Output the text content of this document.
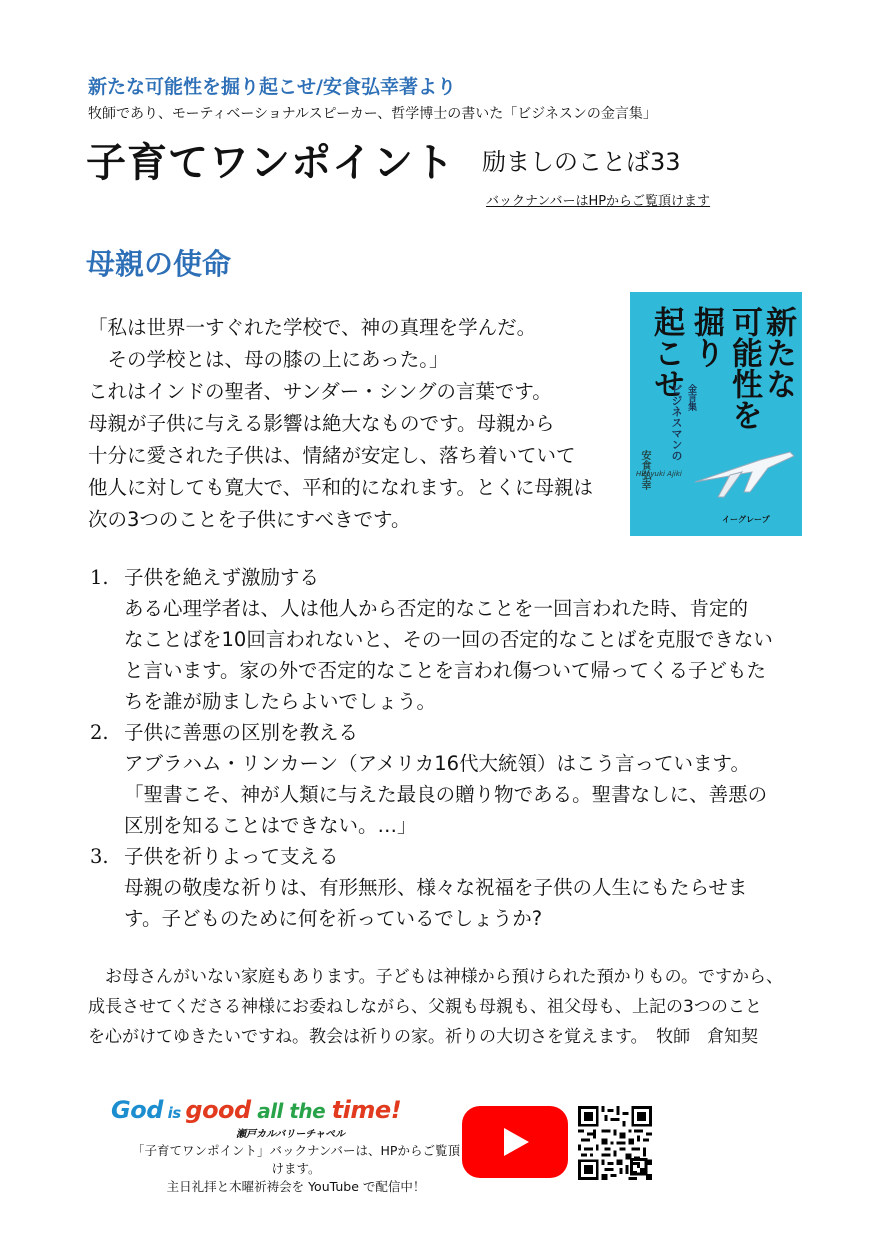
新たな可能性を掘り起こせ/安食弘幸著より
牧師であり、モーティベーショナルスピーカー、哲学博士の書いた「ビジネスンの金言集」
子育てワンポイント 励ましのことば33
バックナンバーはHPからご覧頂けます
母親の使命
「私は世界一すぐれた学校で、神の真理を学んだ。
　その学校とは、母の膝の上にあった。」
これはインドの聖者、サンダー・シングの言葉です。
母親が子供に与える影響は絶大なものです。母親から
十分に愛された子供は、情緒が安定し、落ち着いていて
他人に対しても寛大で、平和的になれます。とくに母親は
次の3つのことを子供にすべきです。
新たな
可能性を
掘り
起こせ
ビジネスマンの 金言集
安食弘幸
Hiroyuki Ajiki
イーグレープ
1. 子供を絶えず激励する
ある心理学者は、人は他人から否定的なことを一回言われた時、肯定的
なことばを10回言われないと、その一回の否定的なことばを克服できない
と言います。家の外で否定的なことを言われ傷ついて帰ってくる子どもた
ちを誰が励ましたらよいでしょう。
2. 子供に善悪の区別を教える
アブラハム・リンカーン（アメリカ16代大統領）はこう言っています。
「聖書こそ、神が人類に与えた最良の贈り物である。聖書なしに、善悪の
区別を知ることはできない。…」
3. 子供を祈りよって支える
母親の敬虔な祈りは、有形無形、様々な祝福を子供の人生にもたらせま
す。子どものために何を祈っているでしょうか?
　お母さんがいない家庭もあります。子どもは神様から預けられた預かりもの。ですから、
成長させてくださる神様にお委ねしながら、父親も母親も、祖父母も、上記の3つのこと
を心がけてゆきたいですね。教会は祈りの家。祈りの大切さを覚えます。　牧師　倉知契
God is good all the time!
瀬戸カルバリーチャペル
「子育てワンポイント」バックナンバーは、HPからご覧頂けます。
主日礼拝と木曜祈祷会を YouTube で配信中！
